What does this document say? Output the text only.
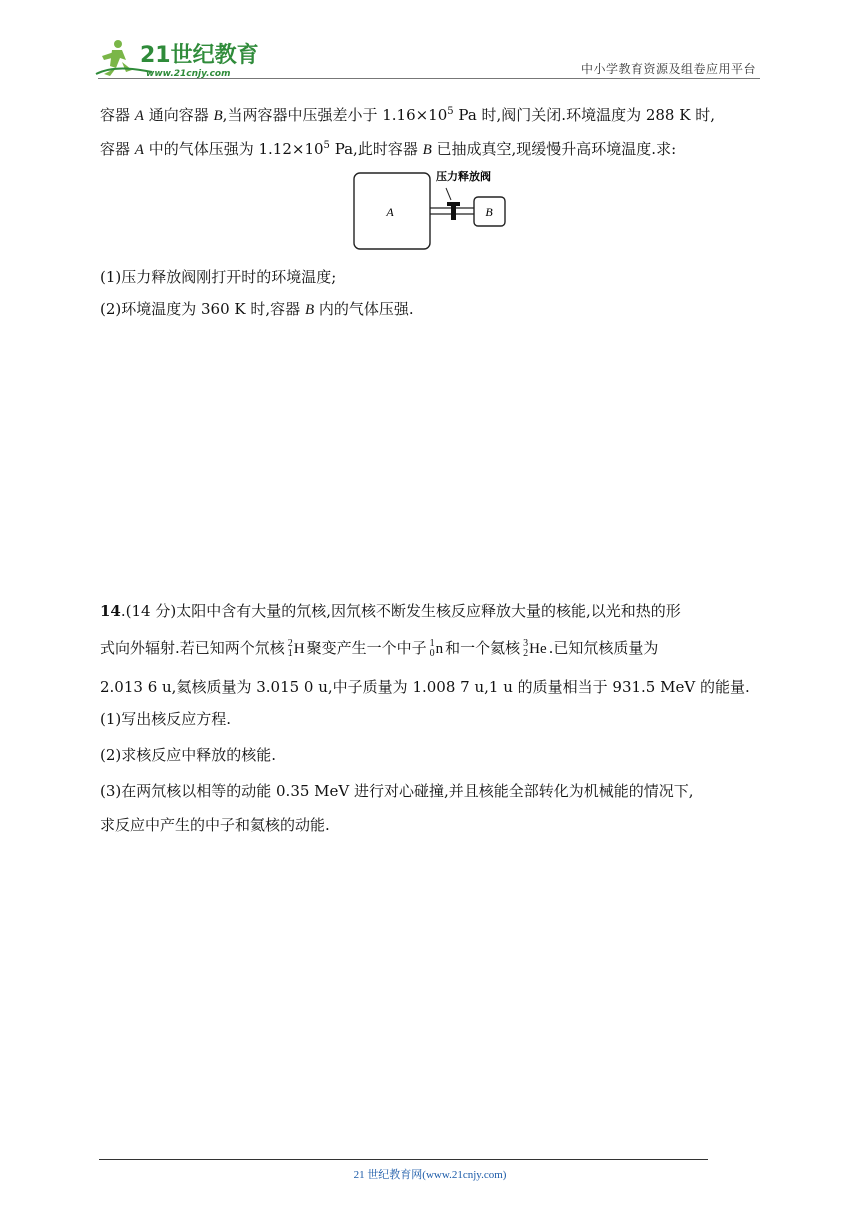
21世纪教育
www.21cnjy.com	中小学教育资源及组卷应用平台
容器 A 通向容器 B,当两容器中压强差小于 $1.16\times 10^5$ Pa 时,阀门关闭.环境温度为 288 K 时,
容器 A 中的气体压强为 $1.12\times 10^5$ Pa,此时容器 B 已抽成真空,现缓慢升高环境温度.求:
A
压力释放阀
B
(1)压力释放阀刚打开时的环境温度;
(2)环境温度为 360 K 时,容器 B 内的气体压强.
14.(14 分)太阳中含有大量的氘核,因氘核不断发生核反应释放大量的核能,以光和热的形
式向外辐射.若已知两个氘核 2
1 H 聚变产生一个中子 1
0 n 和一个氦核 3
2 He .已知氘核质量为
2.013 6 u,氦核质量为 3.015 0 u,中子质量为 1.008 7 u,1 u 的质量相当于 931.5 MeV 的能量.
(1)写出核反应方程.
(2)求核反应中释放的核能.
(3)在两氘核以相等的动能 0.35 MeV 进行对心碰撞,并且核能全部转化为机械能的情况下,
求反应中产生的中子和氦核的动能.
21 世纪教育网(www.21cnjy.com)
